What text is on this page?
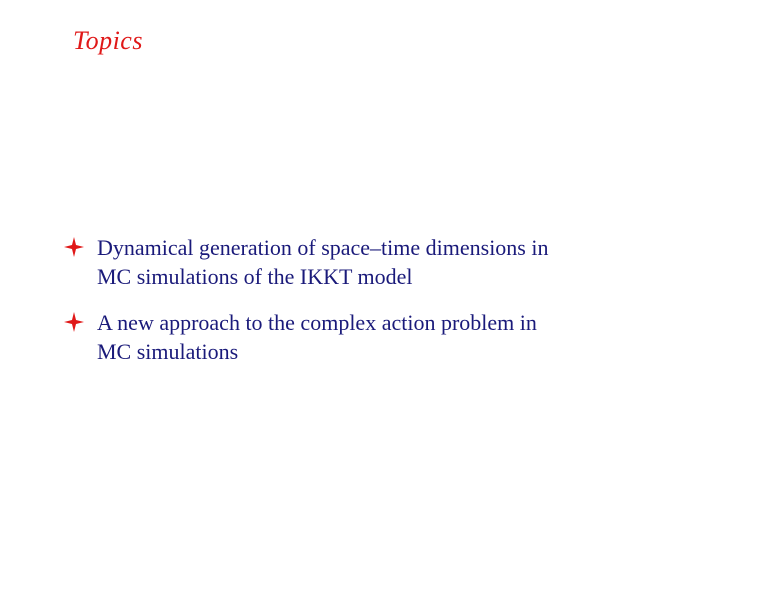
Topics
Dynamical generation of space–time dimensions in
MC simulations of the IKKT model
A new approach to the complex action problem in
MC simulations
